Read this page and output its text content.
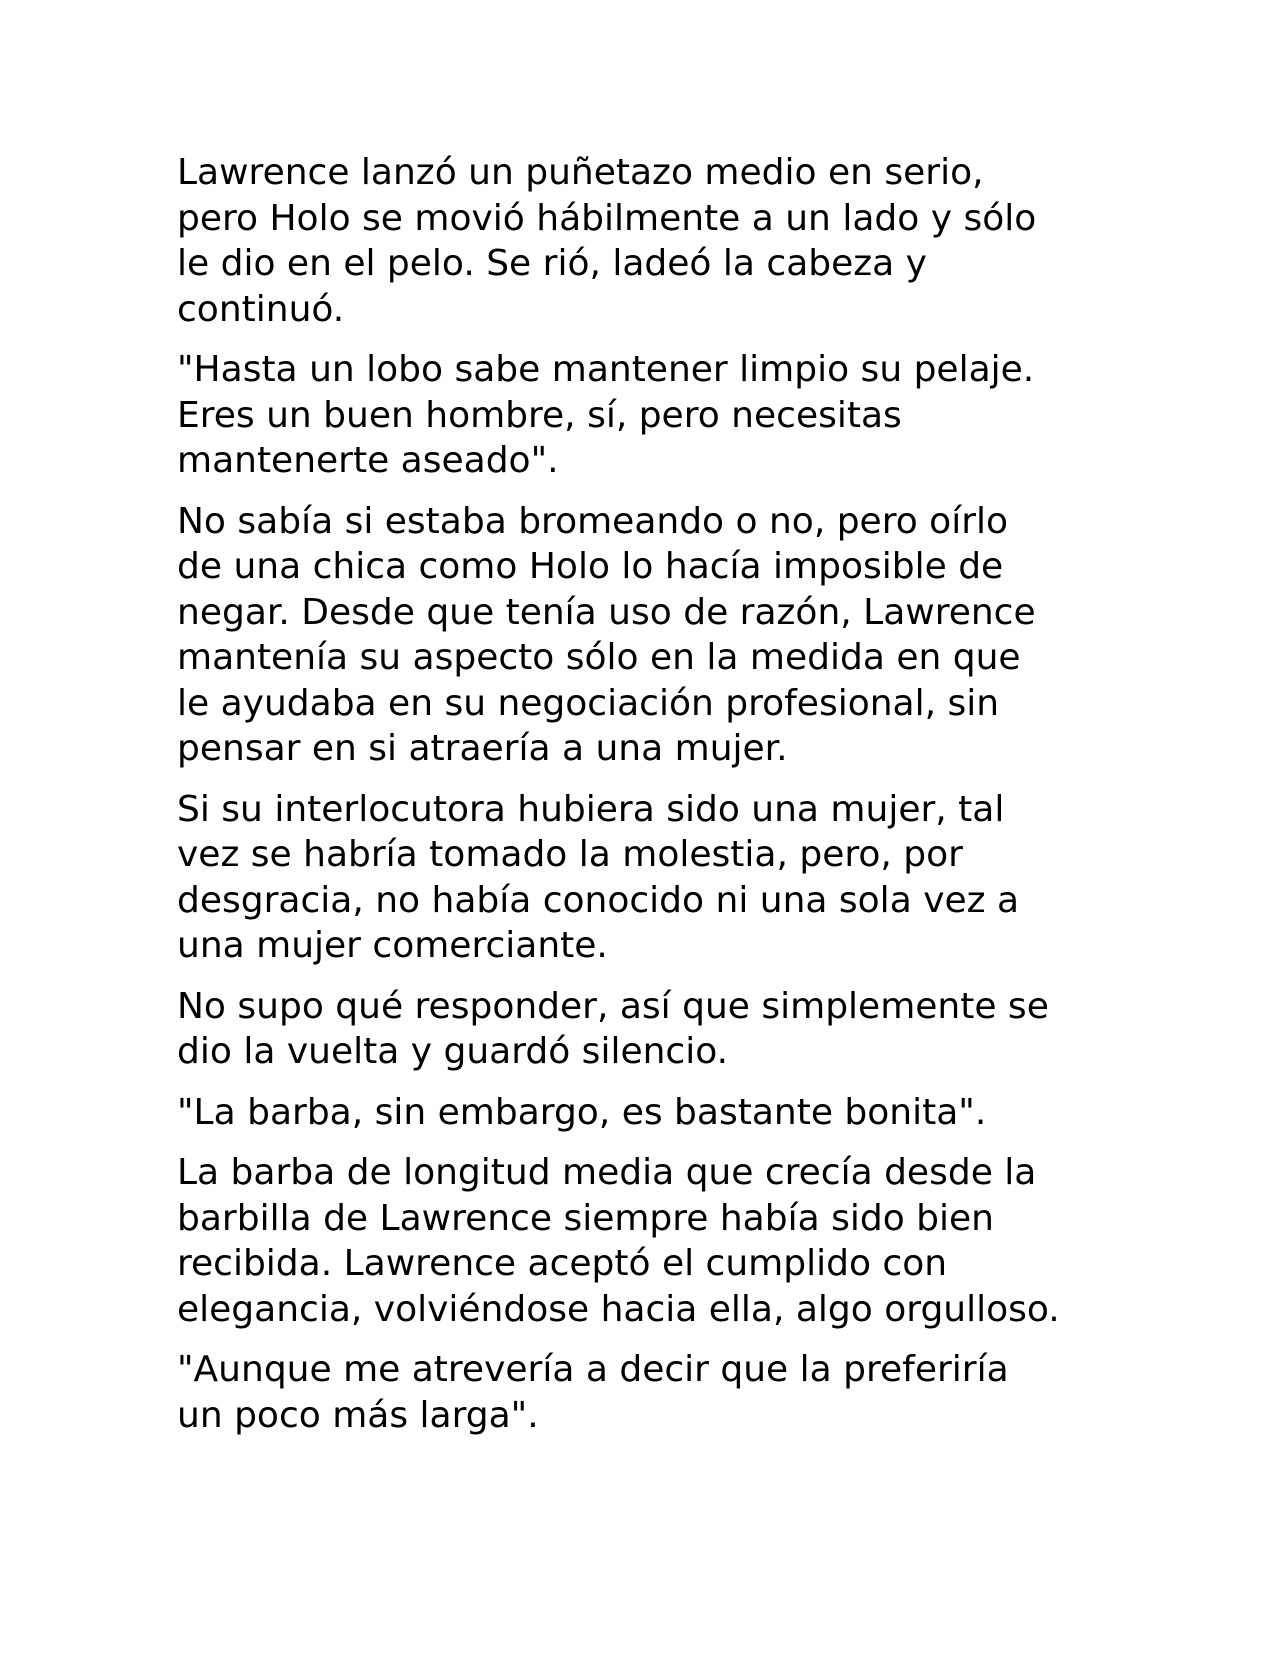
Lawrence lanzó un puñetazo medio en serio,
pero Holo se movió hábilmente a un lado y sólo
le dio en el pelo. Se rió, ladeó la cabeza y
continuó.

"Hasta un lobo sabe mantener limpio su pelaje.
Eres un buen hombre, sí, pero necesitas
mantenerte aseado".

No sabía si estaba bromeando o no, pero oírlo
de una chica como Holo lo hacía imposible de
negar. Desde que tenía uso de razón, Lawrence
mantenía su aspecto sólo en la medida en que
le ayudaba en su negociación profesional, sin
pensar en si atraería a una mujer.

Si su interlocutora hubiera sido una mujer, tal
vez se habría tomado la molestia, pero, por
desgracia, no había conocido ni una sola vez a
una mujer comerciante.

No supo qué responder, así que simplemente se
dio la vuelta y guardó silencio.

"La barba, sin embargo, es bastante bonita".

La barba de longitud media que crecía desde la
barbilla de Lawrence siempre había sido bien
recibida. Lawrence aceptó el cumplido con
elegancia, volviéndose hacia ella, algo orgulloso.

"Aunque me atrevería a decir que la preferiría
un poco más larga".
